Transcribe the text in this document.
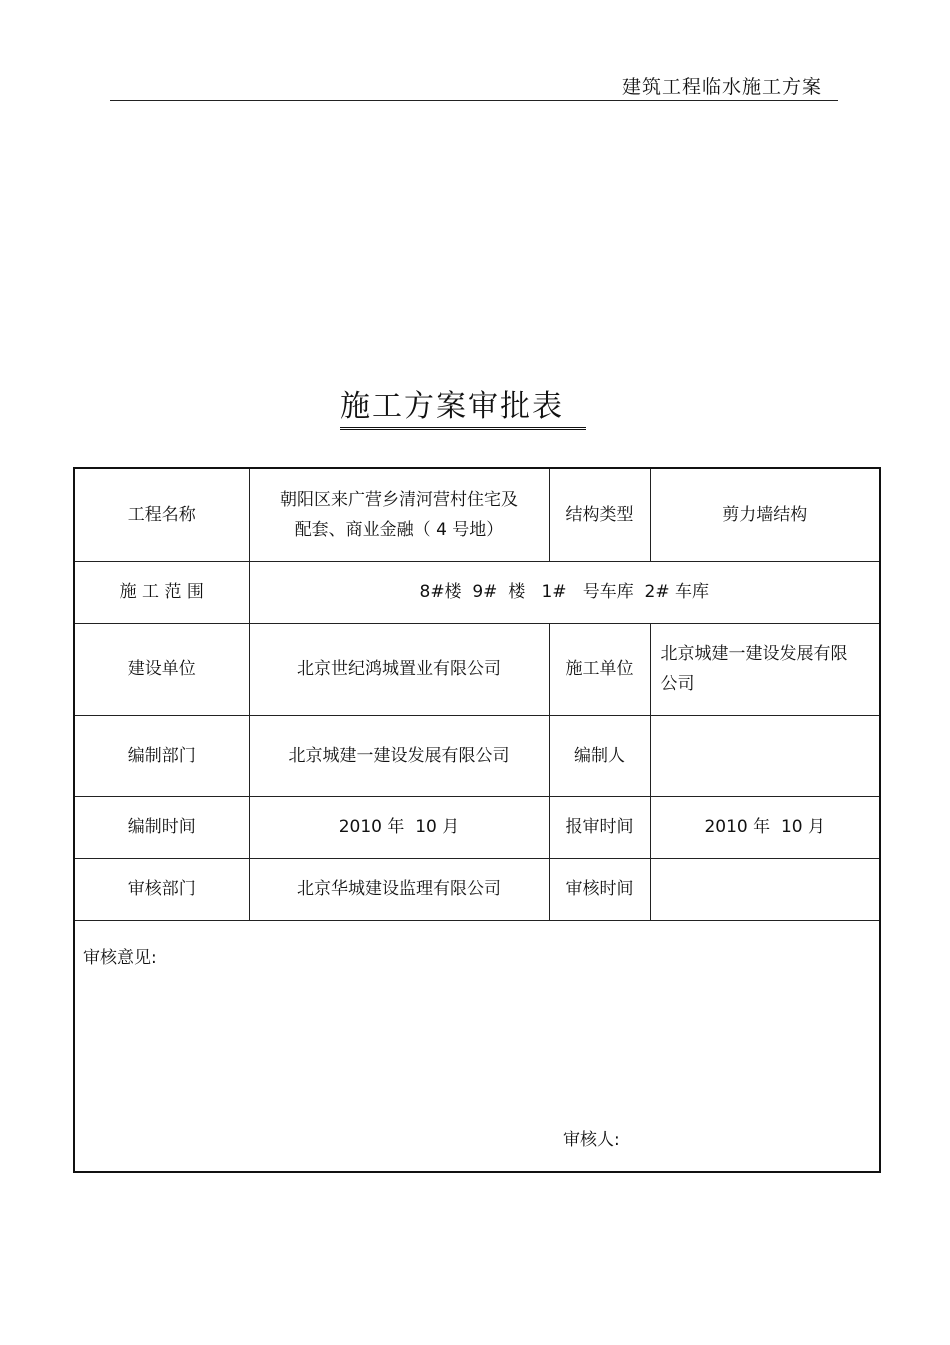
建筑工程临水施工方案
施工方案审批表
工程名称	朝阳区来广营乡清河营村住宅及
配套、商业金融（ 4 号地）	结构类型	剪力墙结构
施 工 范 围	8#楼  9#  楼   1#   号车库  2# 车库		
建设单位	北京世纪鸿城置业有限公司	施工单位	北京城建一建设发展有限
公司

编制部门	北京城建一建设发展有限公司	编制人	
编制时间	2010 年  10 月	报审时间	2010 年  10 月
审核部门	北京华城建设监理有限公司	审核时间	

审核意见:
审核人:			
